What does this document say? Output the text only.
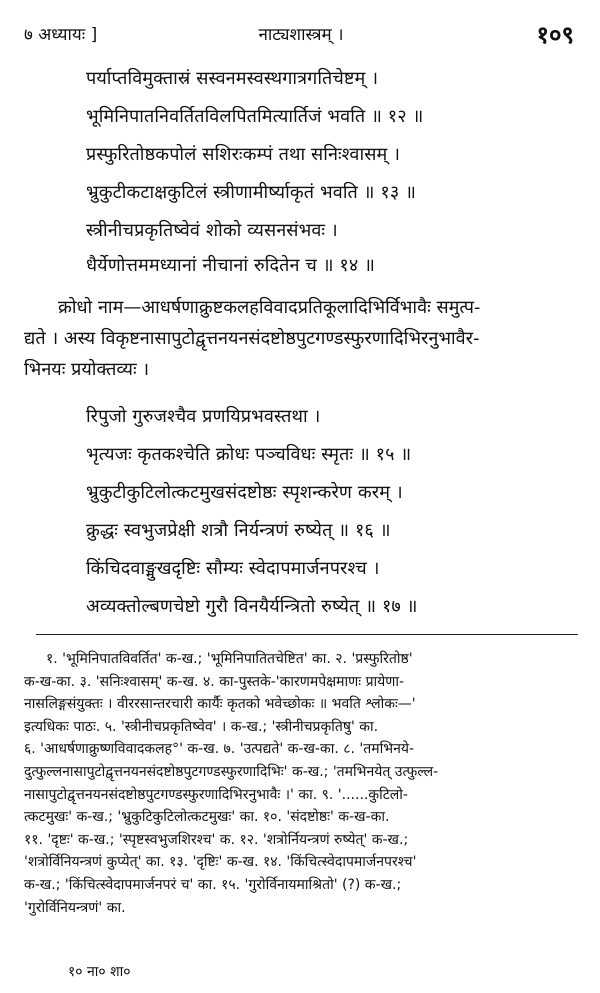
७ अध्यायः ]	नाट्यशास्त्रम् ।	१०९
पर्याप्तविमुक्तास्रं सस्वनमस्वस्थगात्रगतिचेष्टम् ।
भूमिनिपातनिवर्तितविलपितमित्यार्तिजं भवति ॥ १२ ॥
प्रस्फुरितोष्ठकपोलं सशिरःकम्पं तथा सनिःश्वासम् ।
भ्रुकुटीकटाक्षकुटिलं स्त्रीणामीर्ष्याकृतं भवति ॥ १३ ॥
स्त्रीनीचप्रकृतिष्वेवं शोको व्यसनसंभवः ।
धैर्येणोत्तममध्यानां नीचानां रुदितेन च ॥ १४ ॥
क्रोधो नाम—आधर्षणाक्रुष्टकलहविवादप्रतिकूलादिभिर्विभावैः समुत्प-
द्यते । अस्य विकृष्टनासापुटोद्वृत्तनयनसंदष्टोष्ठपुटगण्डस्फुरणादिभिरनुभावैर-
भिनयः प्रयोक्तव्यः ।
रिपुजो गुरुजश्चैव प्रणयिप्रभवस्तथा ।
भृत्यजः कृतकश्चेति क्रोधः पञ्चविधः स्मृतः ॥ १५ ॥
भ्रुकुटीकुटिलोत्कटमुखसंदष्टोष्ठः स्पृशन्करेण करम् ।
क्रुद्धः स्वभुजप्रेक्षी शत्रौ निर्यन्त्रणं रुष्येत् ॥ १६ ॥
किंचिदवाङ्मुखदृष्टिः सौम्यः स्वेदापमार्जनपरश्च ।
अव्यक्तोल्बणचेष्टो गुरौ विनयैर्यन्त्रितो रुष्येत् ॥ १७ ॥
१. 'भूमिनिपातविवर्तित' क-ख.; 'भूमिनिपातितचेष्टित' का. २. 'प्रस्फुरितोष्ठ'
क-ख-का. ३. 'सनिःश्वासम्' क-ख. ४. का-पुस्तके-'कारणमपेक्षमाणः प्रायेणा-
नासलिङ्गसंयुक्तः । वीररसान्तरचारी कार्यैः कृतको भवेच्छोकः ॥ भवति श्लोकः—'
इत्यधिकः पाठः. ५. 'स्त्रीनीचप्रकृतिष्वेव' । क-ख.; 'स्त्रीनीचप्रकृतिषु' का.
६. 'आधर्षणाक्रुष्णविवादकलह°' क-ख. ७. 'उत्पद्यते' क-ख-का. ८. 'तमभिनये-
दुत्फुल्लनासापुटोद्वृत्तनयनसंदष्टोष्ठपुटगण्डस्फुरणादिभिः' क-ख.; 'तमभिनयेत् उत्फुल्ल-
नासापुटोद्वृत्तनयनसंदष्टोष्ठपुटगण्डस्फुरणादिभिरनुभावैः ।' का. ९. '......कुटिलो-
त्कटमुखः' क-ख.; 'भ्रुकुटिकुटिलोत्कटमुखः' का. १०. 'संदष्टोष्ठः' क-ख-का.
११. 'दृष्टः' क-ख.; 'स्पृष्टस्वभुजशिरश्च' क. १२. 'शत्रोर्नियन्त्रणं रुष्येत्' क-ख.;
'शत्रोर्विनियन्त्रणं कुप्येत्' का. १३. 'दृष्टिः' क-ख. १४. 'किंचित्स्वेदापमार्जनपरश्च'
क-ख.; 'किंचित्स्वेदापमार्जनपरं च' का. १५. 'गुरोर्विनायमाश्रितो' (?) क-ख.;
'गुरोर्विनियन्त्रणं' का.
१० ना० शा०
